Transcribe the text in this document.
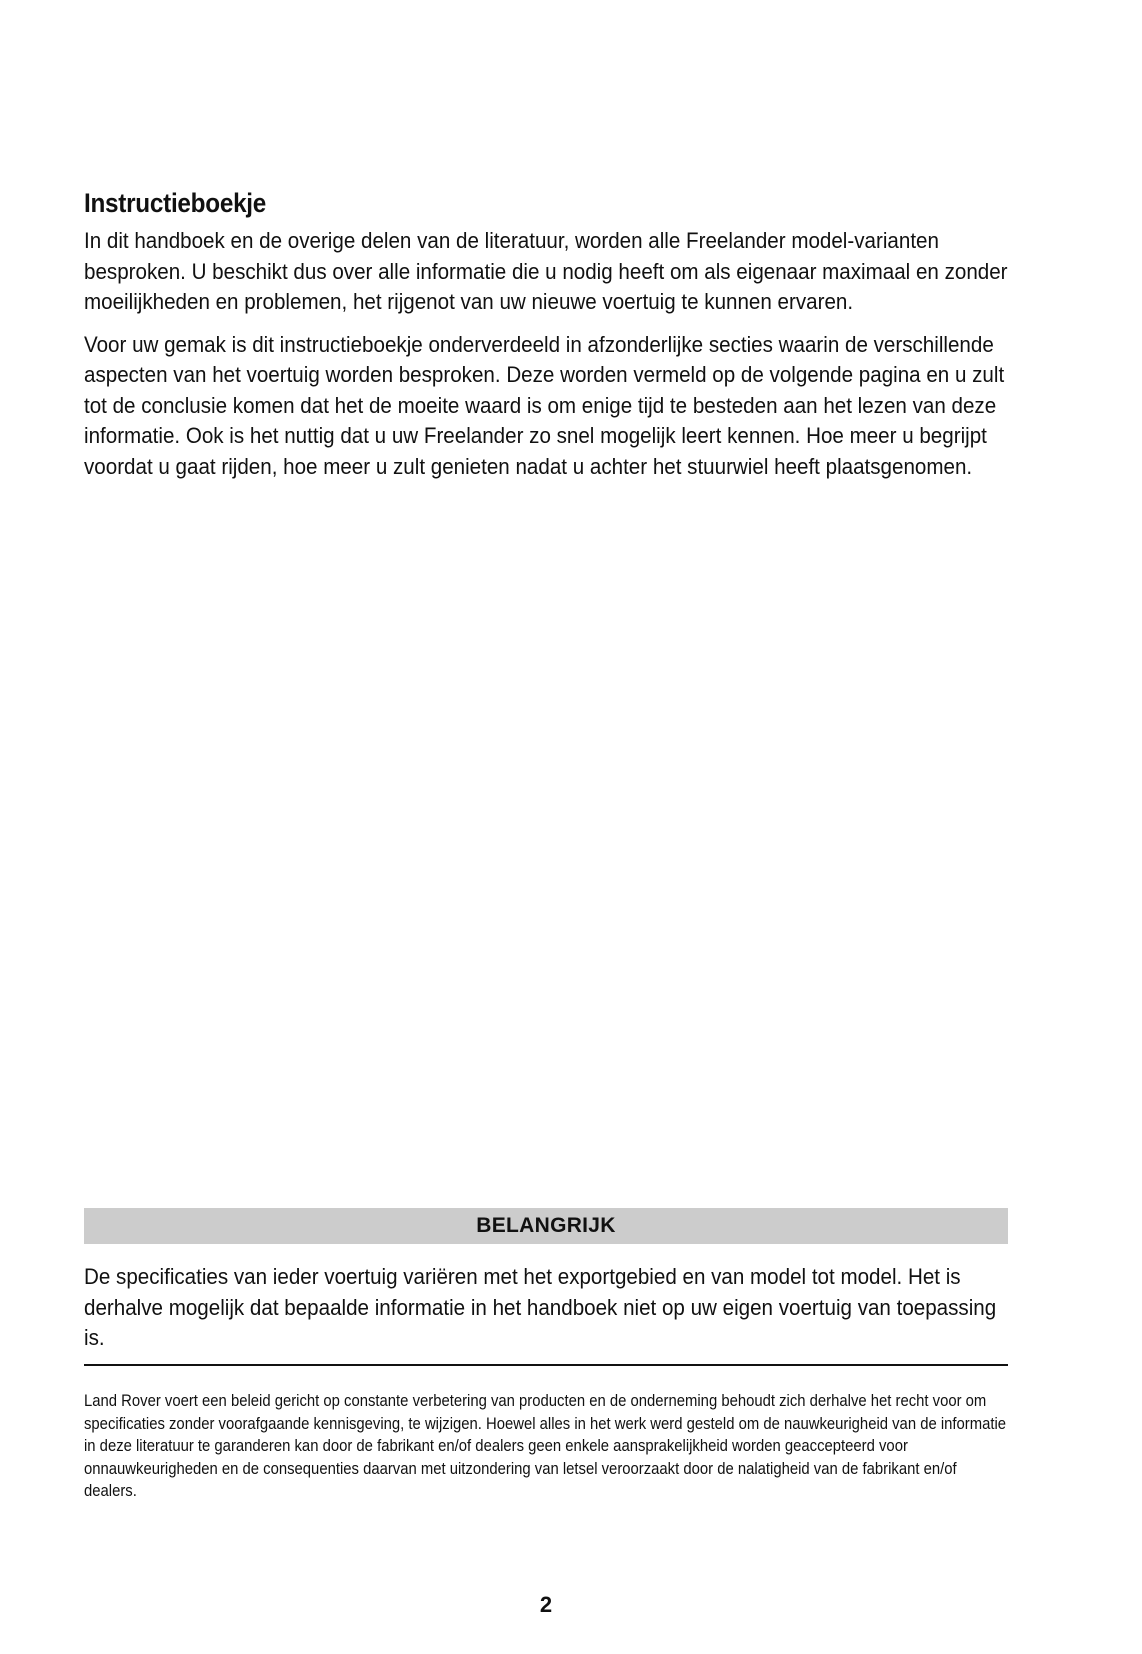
Instructieboekje

In dit handboek en de overige delen van de literatuur, worden alle Freelander model-varianten besproken. U beschikt dus over alle informatie die u nodig heeft om als eigenaar maximaal en zonder moeilijkheden en problemen, het rijgenot van uw nieuwe voertuig te kunnen ervaren.

Voor uw gemak is dit instructieboekje onderverdeeld in afzonderlijke secties waarin de verschillende aspecten van het voertuig worden besproken. Deze worden vermeld op de volgende pagina en u zult tot de conclusie komen dat het de moeite waard is om enige tijd te besteden aan het lezen van deze informatie. Ook is het nuttig dat u uw Freelander zo snel mogelijk leert kennen. Hoe meer u begrijpt voordat u gaat rijden, hoe meer u zult genieten nadat u achter het stuurwiel heeft plaatsgenomen.

BELANGRIJK

De specificaties van ieder voertuig variëren met het exportgebied en van model tot model. Het is derhalve mogelijk dat bepaalde informatie in het handboek niet op uw eigen voertuig van toepassing is.

Land Rover voert een beleid gericht op constante verbetering van producten en de onderneming behoudt zich derhalve het recht voor om specificaties zonder voorafgaande kennisgeving, te wijzigen. Hoewel alles in het werk werd gesteld om de nauwkeurigheid van de informatie in deze literatuur te garanderen kan door de fabrikant en/of dealers geen enkele aansprakelijkheid worden geaccepteerd voor onnauwkeurigheden en de consequenties daarvan met uitzondering van letsel veroorzaakt door de nalatigheid van de fabrikant en/of dealers.

2
